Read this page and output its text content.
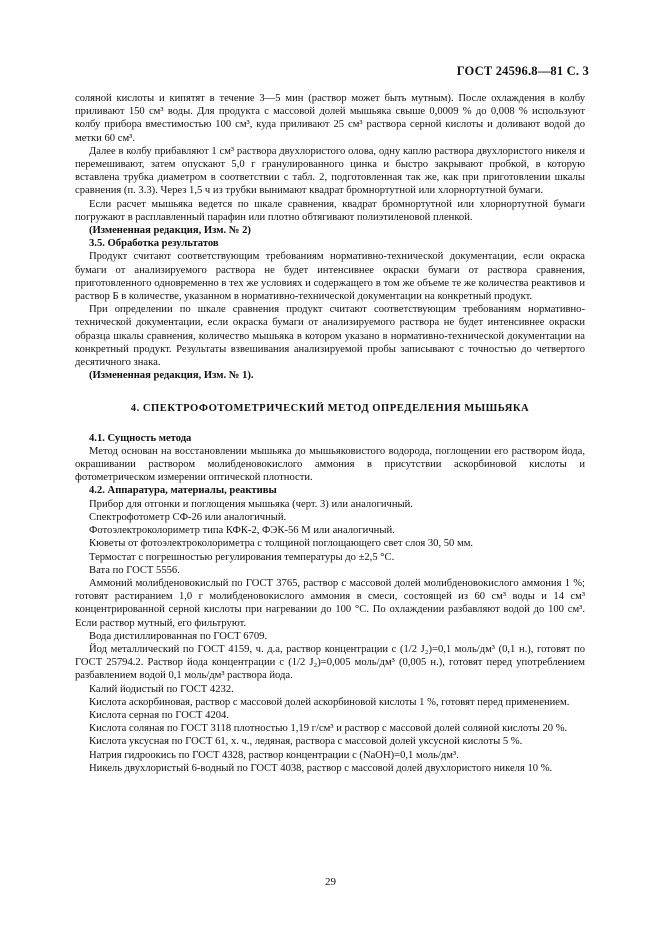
ГОСТ 24596.8—81 С. 3

соляной кислоты и кипятят в течение 3—5 мин (раствор может быть мутным). После охлаждения в колбу приливают 150 см³ воды. Для продукта с массовой долей мышьяка свыше 0,0009 % до 0,008 % используют колбу прибора вместимостью 100 см³, куда приливают 25 см³ раствора серной кислоты и доливают водой до метки 60 см³.

Далее в колбу прибавляют 1 см³ раствора двухлористого олова, одну каплю раствора двухлористого никеля и перемешивают, затем опускают 5,0 г гранулированного цинка и быстро закрывают пробкой, в которую вставлена трубка диаметром в соответствии с табл. 2, подготовленная так же, как при приготовлении шкалы сравнения (п. 3.3). Через 1,5 ч из трубки вынимают квадрат бромнортутной или хлорнортутной бумаги.

Если расчет мышьяка ведется по шкале сравнения, квадрат бромнортутной или хлорнортутной бумаги погружают в расплавленный парафин или плотно обтягивают полиэтиленовой пленкой.

(Измененная редакция, Изм. № 2)

3.5. Обработка результатов

Продукт считают соответствующим требованиям нормативно-технической документации, если окраска бумаги от анализируемого раствора не будет интенсивнее окраски бумаги от раствора сравнения, приготовленного одновременно в тех же условиях и содержащего в том же объеме те же количества реактивов и раствор Б в количестве, указанном в нормативно-технической документации на конкретный продукт.

При определении по шкале сравнения продукт считают соответствующим требованиям нормативно-технической документации, если окраска бумаги от анализируемого раствора не будет интенсивнее окраски образца шкалы сравнения, количество мышьяка в котором указано в нормативно-технической документации на конкретный продукт. Результаты взвешивания анализируемой пробы записывают с точностью до четвертого десятичного знака.

(Измененная редакция, Изм. № 1).

4. СПЕКТРОФОТОМЕТРИЧЕСКИЙ МЕТОД ОПРЕДЕЛЕНИЯ МЫШЬЯКА

4.1. Сущность метода

Метод основан на восстановлении мышьяка до мышьяковистого водорода, поглощении его раствором йода, окрашивании раствором молибденовокислого аммония в присутствии аскорбиновой кислоты и фотометрическом измерении оптической плотности.

4.2. Аппаратура, материалы, реактивы

Прибор для отгонки и поглощения мышьяка (черт. 3) или аналогичный.

Спектрофотометр СФ-26 или аналогичный.

Фотоэлектроколориметр типа КФК-2, ФЭК-56 М или аналогичный.

Кюветы от фотоэлектроколориметра с толщиной поглощающего свет слоя 30, 50 мм.

Термостат с погрешностью регулирования температуры до ±2,5 °С.

Вата по ГОСТ 5556.

Аммоний молибденовокислый по ГОСТ 3765, раствор с массовой долей молибденовокислого аммония 1 %; готовят растиранием 1,0 г молибденовокислого аммония в смеси, состоящей из 60 см³ воды и 14 см³ концентрированной серной кислоты при нагревании до 100 °С. По охлаждении разбавляют водой до 100 см³. Если раствор мутный, его фильтруют.

Вода дистиллированная по ГОСТ 6709.

Йод металлический по ГОСТ 4159, ч. д.а, раствор концентрации с (1/2 J₂)=0,1 моль/дм³ (0,1 н.), готовят по ГОСТ 25794.2. Раствор йода концентрации с (1/2 J₂)=0,005 моль/дм³ (0,005 н.), готовят перед употреблением разбавлением водой 0,1 моль/дм³ раствора йода.

Калий йодистый по ГОСТ 4232.

Кислота аскорбиновая, раствор с массовой долей аскорбиновой кислоты 1 %, готовят перед применением.

Кислота серная по ГОСТ 4204.

Кислота соляная по ГОСТ 3118 плотностью 1,19 г/см³ и раствор с массовой долей соляной кислоты 20 %.

Кислота уксусная по ГОСТ 61, х. ч., ледяная, раствора с массовой долей уксусной кислоты 5 %.

Натрия гидроокись по ГОСТ 4328, раствор концентрации с (NaOH)=0,1 моль/дм³.

Никель двухлористый 6-водный по ГОСТ 4038, раствор с массовой долей двухлористого никеля 10 %.

29
